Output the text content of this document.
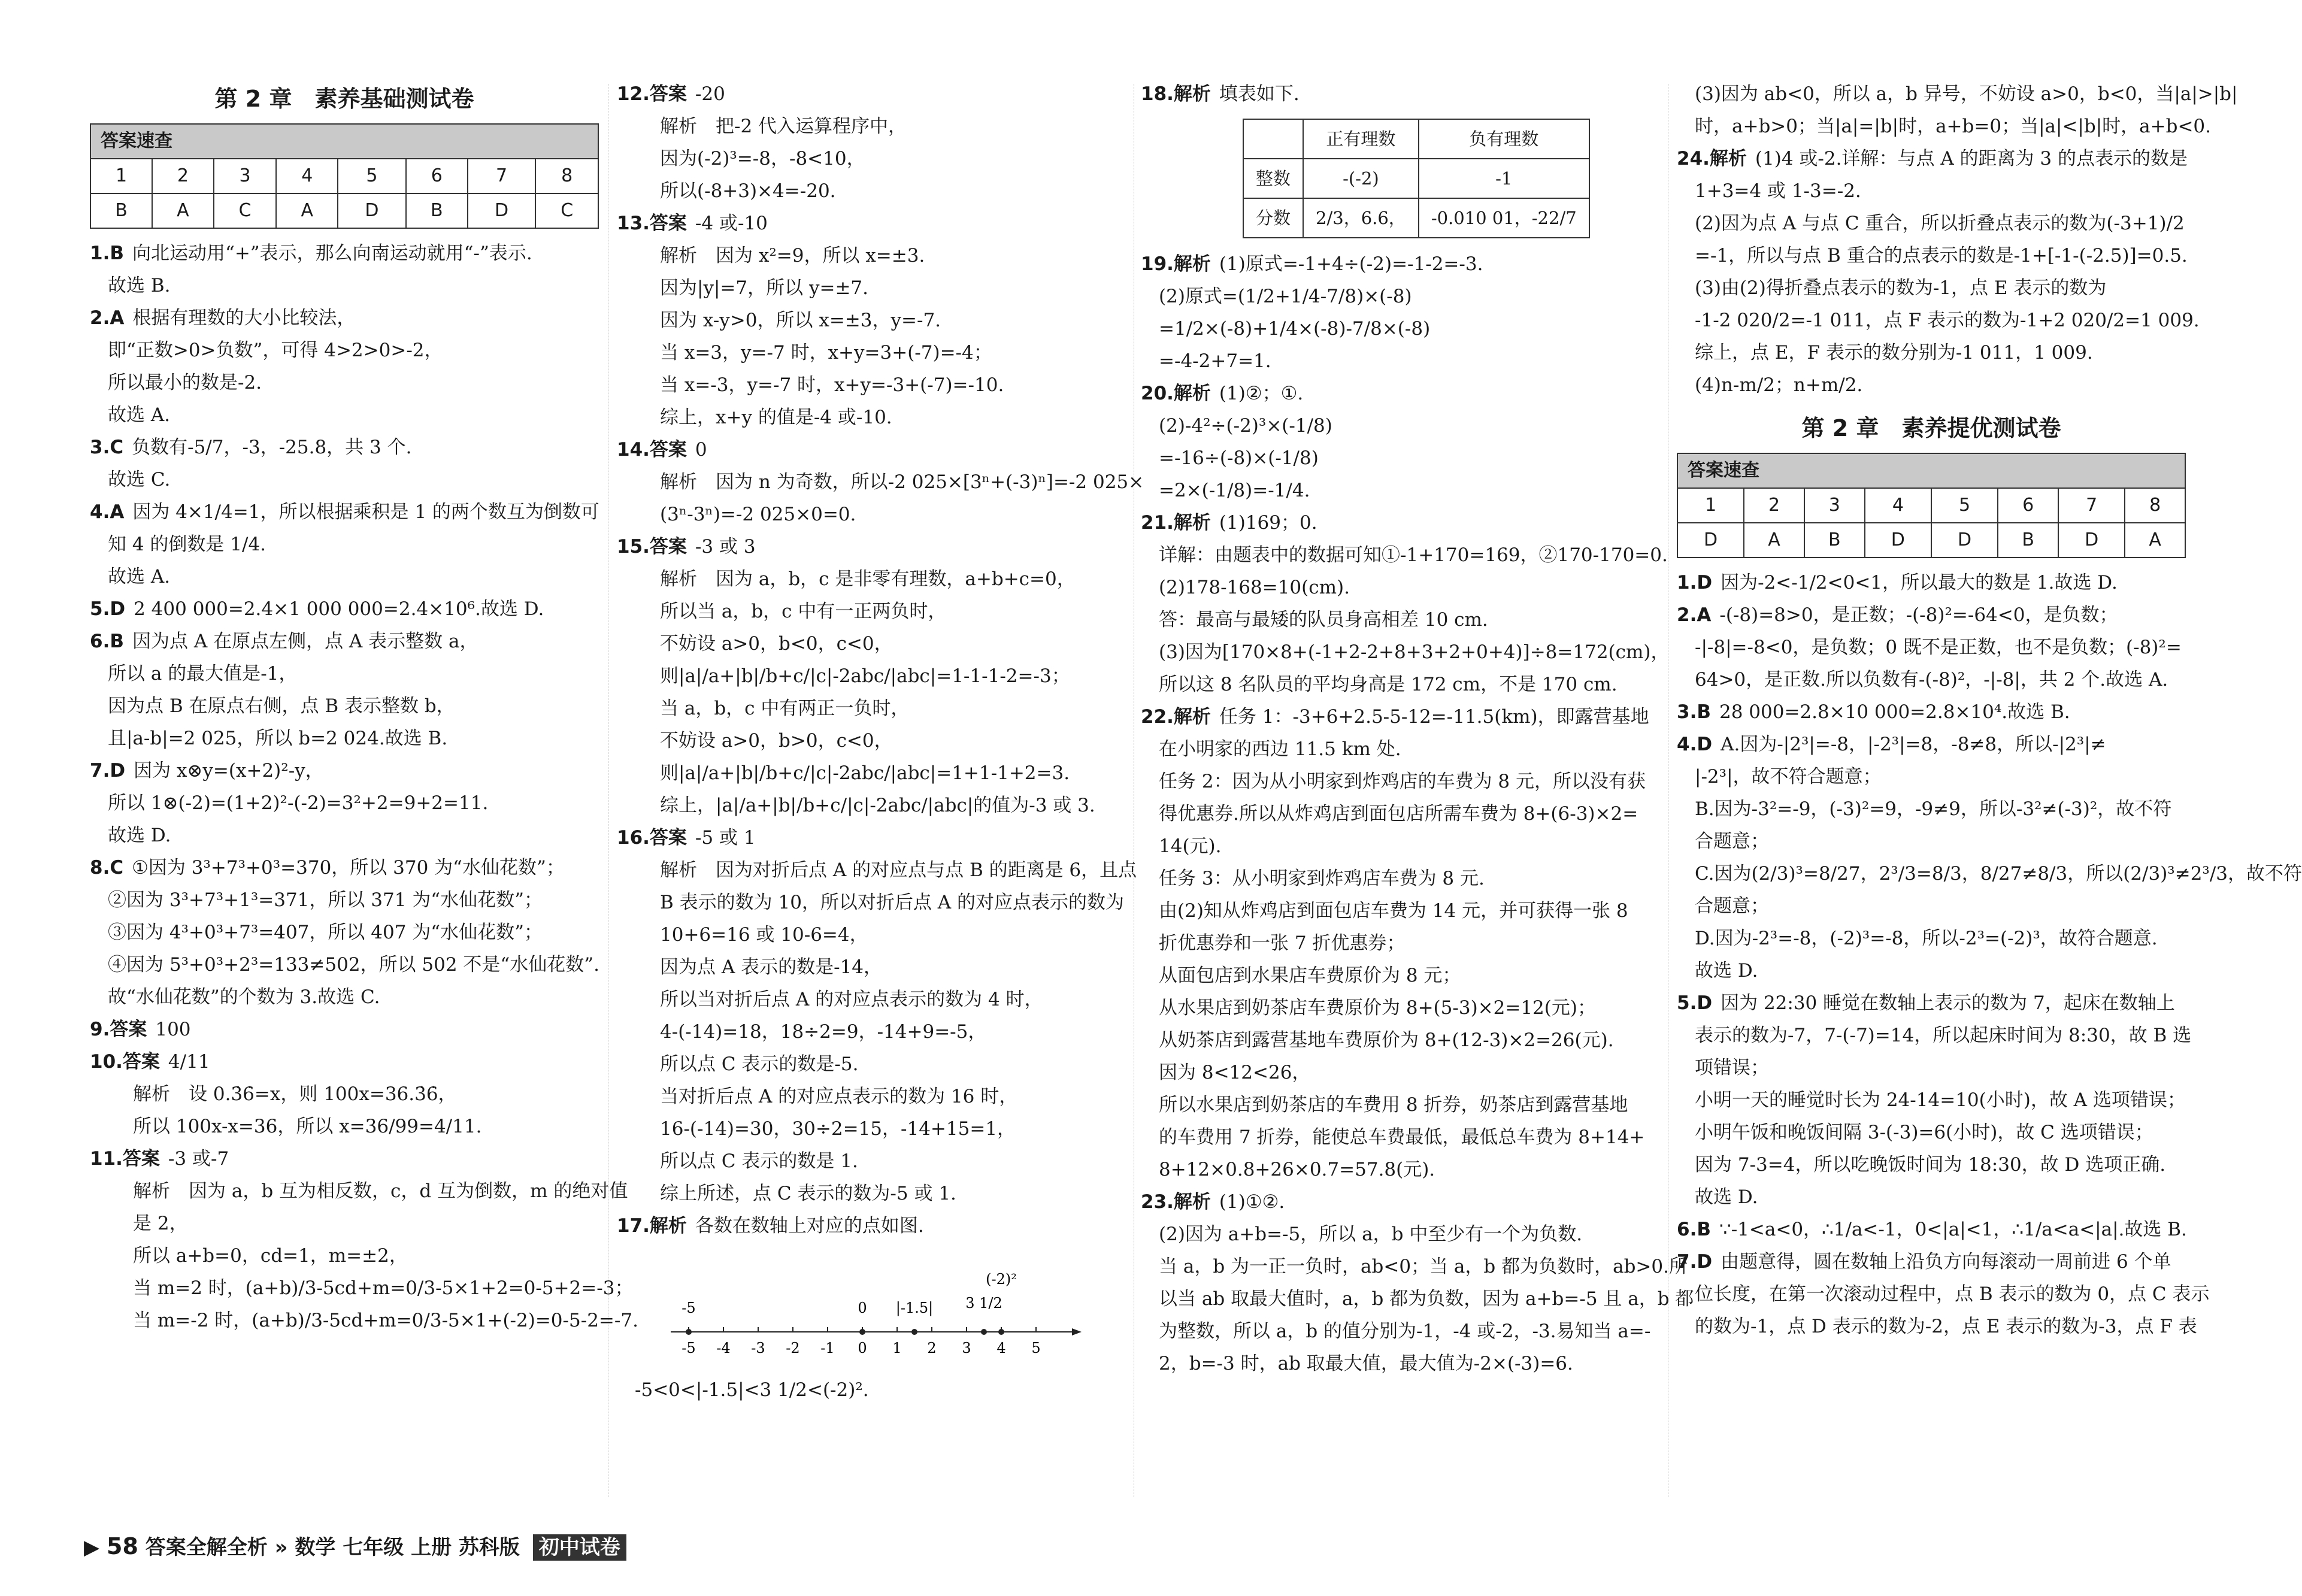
第 2 章　素养基础测试卷
答案速查							
1	2	3	4	5	6	7	8
B	A	C	A	D	B	D	C
1.B 向北运动用“+”表示，那么向南运动就用“-”表示.
故选 B.
2.A 根据有理数的大小比较法，
即“正数>0>负数”，可得 4>2>0>-2，
所以最小的数是-2.
故选 A.
3.C 负数有-5/7，-3，-25.8，共 3 个.
故选 C.
4.A 因为 4×1/4=1，所以根据乘积是 1 的两个数互为倒数可
知 4 的倒数是 1/4.
故选 A.
5.D 2 400 000=2.4×1 000 000=2.4×10⁶.故选 D.
6.B 因为点 A 在原点左侧，点 A 表示整数 a，
所以 a 的最大值是-1，
因为点 B 在原点右侧，点 B 表示整数 b，
且|a-b|=2 025，所以 b=2 024.故选 B.
7.D 因为 x⊗y=(x+2)²-y，
所以 1⊗(-2)=(1+2)²-(-2)=3²+2=9+2=11.
故选 D.
8.C ①因为 3³+7³+0³=370，所以 370 为“水仙花数”；
②因为 3³+7³+1³=371，所以 371 为“水仙花数”；
③因为 4³+0³+7³=407，所以 407 为“水仙花数”；
④因为 5³+0³+2³=133≠502，所以 502 不是“水仙花数”.
故“水仙花数”的个数为 3.故选 C.
9.答案 100
10.答案 4/11
解析　设 0.3̇6̇=x，则 100x=36.3̇6̇，
所以 100x-x=36，所以 x=36/99=4/11.
11.答案 -3 或-7
解析　因为 a，b 互为相反数，c，d 互为倒数，m 的绝对值
是 2，
所以 a+b=0，cd=1，m=±2，
当 m=2 时，(a+b)/3-5cd+m=0/3-5×1+2=0-5+2=-3；
当 m=-2 时，(a+b)/3-5cd+m=0/3-5×1+(-2)=0-5-2=-7.
12.答案 -20
解析　把-2 代入运算程序中，
因为(-2)³=-8，-8<10，
所以(-8+3)×4=-20.
13.答案 -4 或-10
解析　因为 x²=9，所以 x=±3.
因为|y|=7，所以 y=±7.
因为 x-y>0，所以 x=±3，y=-7.
当 x=3，y=-7 时，x+y=3+(-7)=-4；
当 x=-3，y=-7 时，x+y=-3+(-7)=-10.
综上，x+y 的值是-4 或-10.
14.答案 0
解析　因为 n 为奇数，所以-2 025×[3ⁿ+(-3)ⁿ]=-2 025×
(3ⁿ-3ⁿ)=-2 025×0=0.
15.答案 -3 或 3
解析　因为 a，b，c 是非零有理数，a+b+c=0，
所以当 a，b，c 中有一正两负时，
不妨设 a>0，b<0，c<0，
则|a|/a+|b|/b+c/|c|-2abc/|abc|=1-1-1-2=-3；
当 a，b，c 中有两正一负时，
不妨设 a>0，b>0，c<0，
则|a|/a+|b|/b+c/|c|-2abc/|abc|=1+1-1+2=3.
综上，|a|/a+|b|/b+c/|c|-2abc/|abc|的值为-3 或 3.
16.答案 -5 或 1
解析　因为对折后点 A 的对应点与点 B 的距离是 6，且点
B 表示的数为 10，所以对折后点 A 的对应点表示的数为
10+6=16 或 10-6=4，
因为点 A 表示的数是-14，
所以当对折后点 A 的对应点表示的数为 4 时，
4-(-14)=18，18÷2=9，-14+9=-5，
所以点 C 表示的数是-5.
当对折后点 A 的对应点表示的数为 16 时，
16-(-14)=30，30÷2=15，-14+15=1，
所以点 C 表示的数是 1.
综上所述，点 C 表示的数为-5 或 1.
17.解析 各数在数轴上对应的点如图.
-5 -4 -3 -2 -1 0 1 2 3 4 5
-5	0 |-1.5| 3 1/2
(-2)²
-5<0<|-1.5|<3 1/2<(-2)².
18.解析 填表如下.
	正有理数	负有理数
整数	-(-2)	-1
分数	2/3，6.6，	-0.010 01，-22/7
19.解析 (1)原式=-1+4÷(-2)=-1-2=-3.
(2)原式=(1/2+1/4-7/8)×(-8)
=1/2×(-8)+1/4×(-8)-7/8×(-8)
=-4-2+7=1.
20.解析 (1)②；①.
(2)-4²÷(-2)³×(-1/8)
=-16÷(-8)×(-1/8)
=2×(-1/8)=-1/4.
21.解析 (1)169；0.
详解：由题表中的数据可知①-1+170=169，②170-170=0.
(2)178-168=10(cm).
答：最高与最矮的队员身高相差 10 cm.
(3)因为[170×8+(-1+2-2+8+3+2+0+4)]÷8=172(cm)，
所以这 8 名队员的平均身高是 172 cm，不是 170 cm.
22.解析 任务 1：-3+6+2.5-5-12=-11.5(km)，即露营基地
在小明家的西边 11.5 km 处.
任务 2：因为从小明家到炸鸡店的车费为 8 元，所以没有获
得优惠券.所以从炸鸡店到面包店所需车费为 8+(6-3)×2=
14(元).
任务 3：从小明家到炸鸡店车费为 8 元.
由(2)知从炸鸡店到面包店车费为 14 元，并可获得一张 8
折优惠券和一张 7 折优惠券；
从面包店到水果店车费原价为 8 元；
从水果店到奶茶店车费原价为 8+(5-3)×2=12(元)；
从奶茶店到露营基地车费原价为 8+(12-3)×2=26(元).
因为 8<12<26，
所以水果店到奶茶店的车费用 8 折券，奶茶店到露营基地
的车费用 7 折券，能使总车费最低，最低总车费为 8+14+
8+12×0.8+26×0.7=57.8(元).
23.解析 (1)①②.
(2)因为 a+b=-5，所以 a，b 中至少有一个为负数.
当 a，b 为一正一负时，ab<0；当 a，b 都为负数时，ab>0.所
以当 ab 取最大值时，a，b 都为负数，因为 a+b=-5 且 a，b 都
为整数，所以 a，b 的值分别为-1，-4 或-2，-3.易知当 a=-
2，b=-3 时，ab 取最大值，最大值为-2×(-3)=6.
(3)因为 ab<0，所以 a，b 异号，不妨设 a>0，b<0，当|a|>|b|
时，a+b>0；当|a|=|b|时，a+b=0；当|a|<|b|时，a+b<0.
24.解析 (1)4 或-2.详解：与点 A 的距离为 3 的点表示的数是
1+3=4 或 1-3=-2.
(2)因为点 A 与点 C 重合，所以折叠点表示的数为(-3+1)/2
=-1，所以与点 B 重合的点表示的数是-1+[-1-(-2.5)]=0.5.
(3)由(2)得折叠点表示的数为-1，点 E 表示的数为
-1-2 020/2=-1 011，点 F 表示的数为-1+2 020/2=1 009.
综上，点 E，F 表示的数分别为-1 011，1 009.
(4)n-m/2；n+m/2.
第 2 章　素养提优测试卷
答案速查							
1	2	3	4	5	6	7	8
D	A	B	D	D	B	D	A
1.D 因为-2<-1/2<0<1，所以最大的数是 1.故选 D.
2.A -(-8)=8>0，是正数；-(-8)²=-64<0，是负数；
-|-8|=-8<0，是负数；0 既不是正数，也不是负数；(-8)²=
64>0，是正数.所以负数有-(-8)²，-|-8|，共 2 个.故选 A.
3.B 28 000=2.8×10 000=2.8×10⁴.故选 B.
4.D A.因为-|2³|=-8，|-2³|=8，-8≠8，所以-|2³|≠
|-2³|，故不符合题意；
B.因为-3²=-9，(-3)²=9，-9≠9，所以-3²≠(-3)²，故不符
合题意；
C.因为(2/3)³=8/27，2³/3=8/3，8/27≠8/3，所以(2/3)³≠2³/3，故不符
合题意；
D.因为-2³=-8，(-2)³=-8，所以-2³=(-2)³，故符合题意.
故选 D.
5.D 因为 22:30 睡觉在数轴上表示的数为 7，起床在数轴上
表示的数为-7，7-(-7)=14，所以起床时间为 8:30，故 B 选
项错误；
小明一天的睡觉时长为 24-14=10(小时)，故 A 选项错误；
小明午饭和晚饭间隔 3-(-3)=6(小时)，故 C 选项错误；
因为 7-3=4，所以吃晚饭时间为 18:30，故 D 选项正确.
故选 D.
6.B ∵-1<a<0，∴1/a<-1，0<|a|<1，∴1/a<a<|a|.故选 B.
7.D 由题意得，圆在数轴上沿负方向每滚动一周前进 6 个单
位长度，在第一次滚动过程中，点 B 表示的数为 0，点 C 表示
的数为-1，点 D 表示的数为-2，点 E 表示的数为-3，点 F 表
▶ 58 答案全解全析 » 数学 七年级 上册 苏科版 初中试卷
